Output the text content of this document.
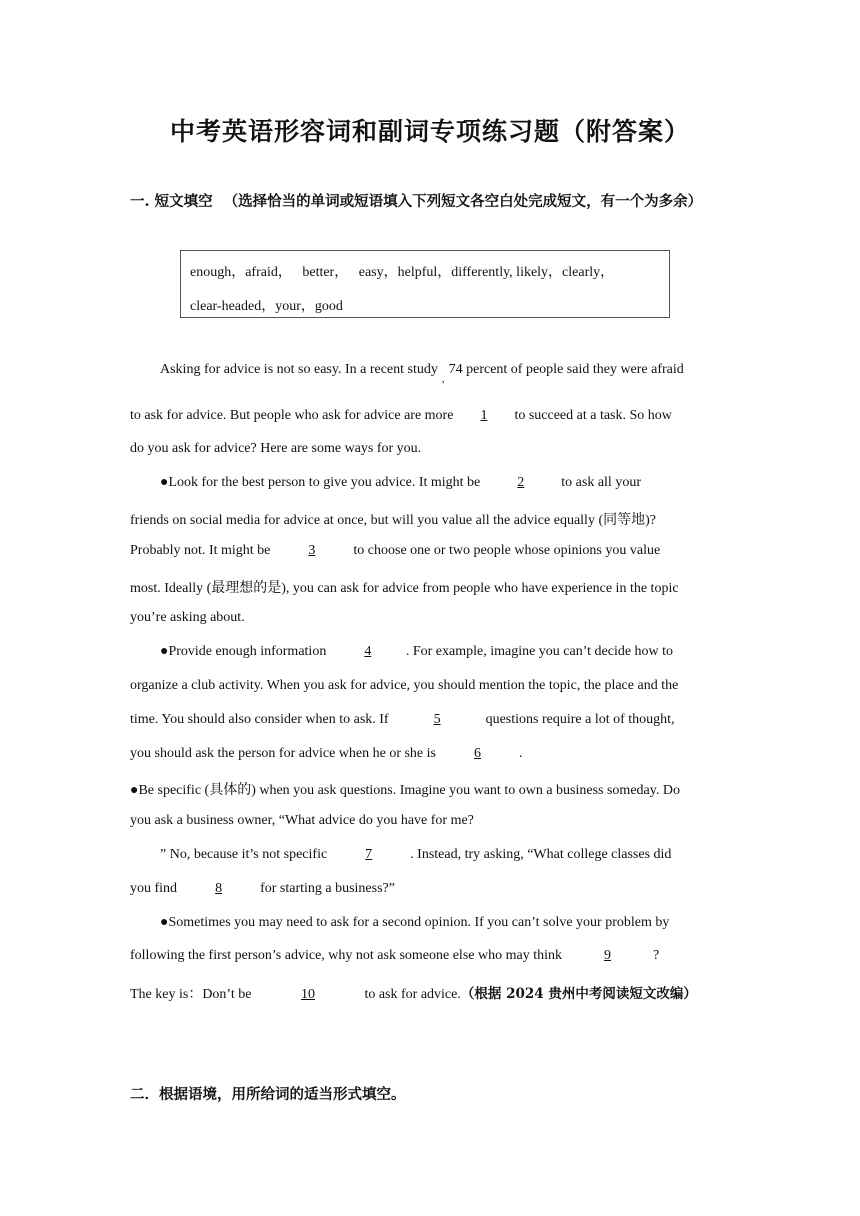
中考英语形容词和副词专项练习题（附答案）
一. 短文填空 （选择恰当的单词或短语填入下列短文各空白处完成短文，有一个为多余）
enough，afraid，   better，   easy，helpful，differently, likely，clearly，
clear-headed，your，good
Asking for advice is not so easy. In a recent study$_,$74 percent of people said they were afraid
to ask for advice. But people who ask for advice are more 1 to succeed at a task. So how
do you ask for advice? Here are some ways for you.
●Look for the best person to give you advice. It might be 2 to ask all your
friends on social media for advice at once, but will you value all the advice equally (同等地)?
Probably not. It might be 3 to choose one or two people whose opinions you value
most. Ideally (最理想的是), you can ask for advice from people who have experience in the topic
you’re asking about.
●Provide enough information 4 . For example, imagine you can’t decide how to
organize a club activity. When you ask for advice, you should mention the topic, the place and the
time. You should also consider when to ask. If	5	questions require a lot of thought,
you should ask the person for advice when he or she is 6 .
●Be specific (具体的) when you ask questions. Imagine you want to own a business someday. Do
you ask a business owner, “What advice do you have for me?
” No, because it’s not specific 7 . Instead, try asking, “What college classes did
you find 8 for starting a business?”
●Sometimes you may need to ask for a second opinion. If you can’t solve your problem by
following the first person’s advice, why not ask someone else who may think	9	?
The key is：Don’t be	10	to ask for advice.（根据 2024 贵州中考阅读短文改编）
二．根据语境，用所给词的适当形式填空。
